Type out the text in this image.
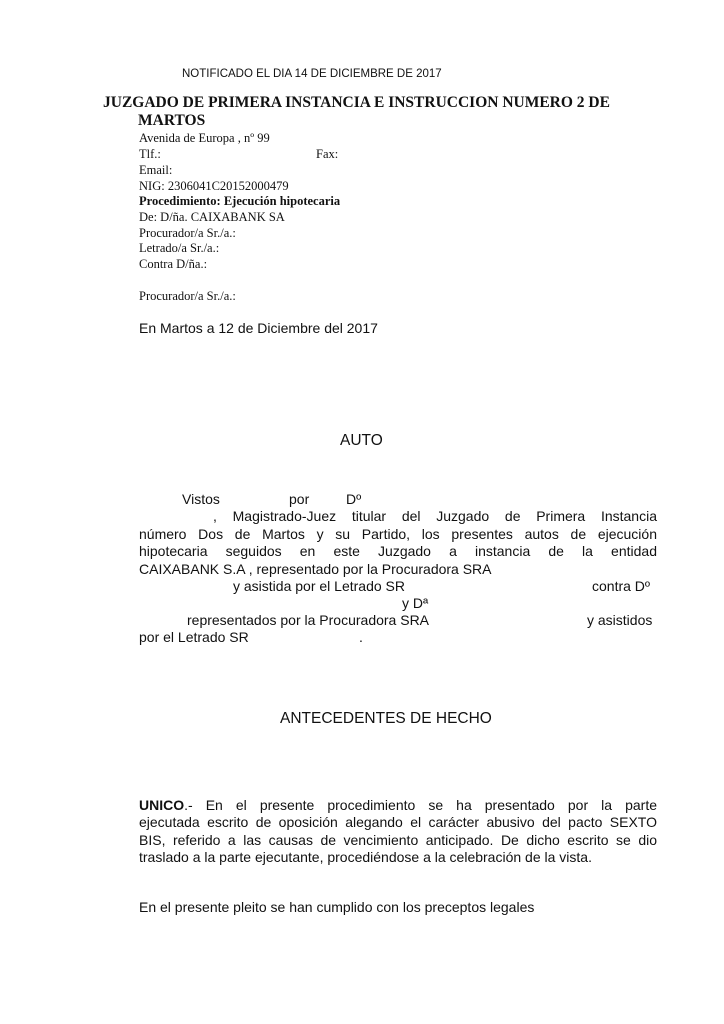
NOTIFICADO EL DIA 14 DE DICIEMBRE DE 2017
JUZGADO DE PRIMERA INSTANCIA E INSTRUCCION NUMERO 2 DE
MARTOS
Avenida de Europa , nº 99
Tlf.:	Fax:
Email:
NIG: 2306041C20152000479
Procedimiento: Ejecución hipotecaria
De: D/ña. CAIXABANK SA
Procurador/a Sr./a.:
Letrado/a Sr./a.:
Contra D/ña.:
Procurador/a Sr./a.:
En Martos a 12 de Diciembre del 2017
AUTO
Vistos	por	Dº
, Magistrado-Juez titular del Juzgado de Primera Instancia
número Dos de Martos y su Partido, los presentes autos de ejecución
hipotecaria seguidos en este Juzgado a instancia de la entidad
CAIXABANK S.A , representado por la Procuradora SRA
y asistida por el Letrado SR	contra Dº
y Dª
representados por la Procuradora SRA	y asistidos
por el Letrado SR	.
ANTECEDENTES DE HECHO
UNICO .- En el presente procedimiento se ha presentado por la parte
ejecutada escrito de oposición alegando el carácter abusivo del pacto SEXTO
BIS, referido a las causas de vencimiento anticipado. De dicho escrito se dio
traslado a la parte ejecutante, procediéndose a la celebración de la vista.
En el presente pleito se han cumplido con los preceptos legales
